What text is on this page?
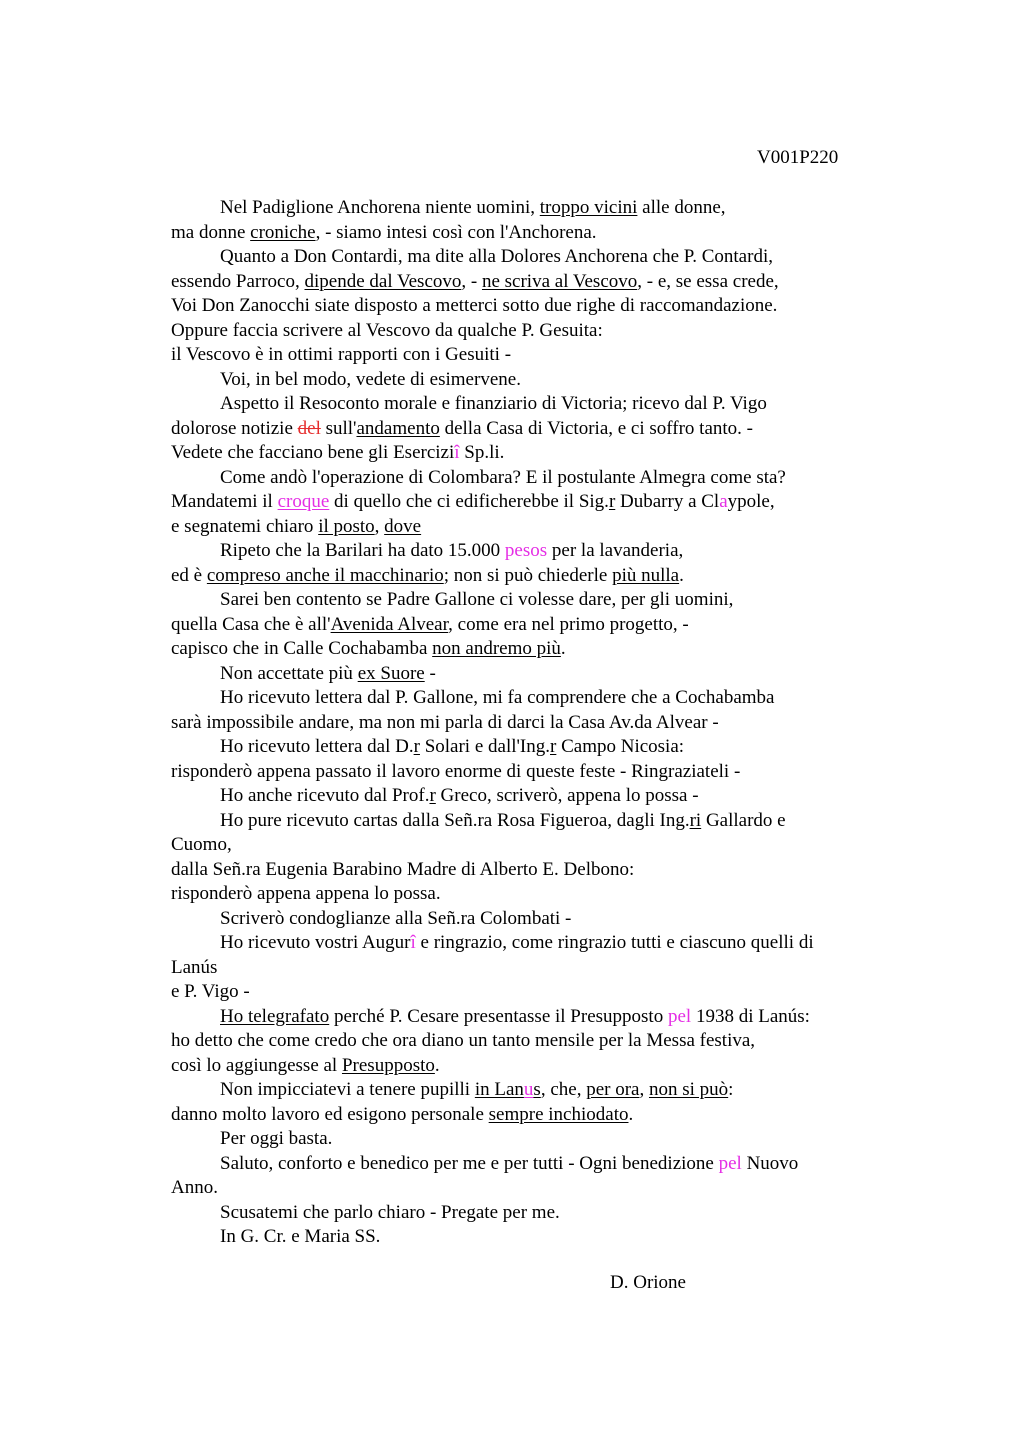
V001P220
Nel Padiglione Anchorena niente uomini, troppo vicini alle donne,
ma donne croniche, - siamo intesi così con l'Anchorena.
Quanto a Don Contardi, ma dite alla Dolores Anchorena che P. Contardi,
essendo Parroco, dipende dal Vescovo, - ne scriva al Vescovo, - e, se essa crede,
Voi Don Zanocchi siate disposto a metterci sotto due righe di raccomandazione.
Oppure faccia scrivere al Vescovo da qualche P. Gesuita:
il Vescovo è in ottimi rapporti con i Gesuiti -
Voi, in bel modo, vedete di esimervene.
Aspetto il Resoconto morale e finanziario di Victoria; ricevo dal P. Vigo
dolorose notizie del sull'andamento della Casa di Victoria, e ci soffro tanto. -
Vedete che facciano bene gli Eserciziî Sp.li.
Come andò l'operazione di Colombara? E il postulante Almegra come sta?
Mandatemi il croque di quello che ci edificherebbe il Sig.r Dubarry a Claypole,
e segnatemi chiaro il posto, dove
Ripeto che la Barilari ha dato 15.000 pesos per la lavanderia,
ed è compreso anche il macchinario; non si può chiederle più nulla.
Sarei ben contento se Padre Gallone ci volesse dare, per gli uomini,
quella Casa che è all'Avenida Alvear, come era nel primo progetto, -
capisco che in Calle Cochabamba non andremo più.
Non accettate più ex Suore -
Ho ricevuto lettera dal P. Gallone, mi fa comprendere che a Cochabamba
sarà impossibile andare, ma non mi parla di darci la Casa Av.da Alvear -
Ho ricevuto lettera dal D.r Solari e dall'Ing.r Campo Nicosia:
risponderò appena passato il lavoro enorme di queste feste - Ringraziateli -
Ho anche ricevuto dal Prof.r Greco, scriverò, appena lo possa -
Ho pure ricevuto cartas dalla Señ.ra Rosa Figueroa, dagli Ing.ri Gallardo e
Cuomo,
dalla Señ.ra Eugenia Barabino Madre di Alberto E. Delbono:
risponderò appena appena lo possa.
Scriverò condoglianze alla Señ.ra Colombati -
Ho ricevuto vostri Augurî e ringrazio, come ringrazio tutti e ciascuno quelli di
Lanús
e P. Vigo -
Ho telegrafato perché P. Cesare presentasse il Presupposto pel 1938 di Lanús:
ho detto che come credo che ora diano un tanto mensile per la Messa festiva,
così lo aggiungesse al Presupposto.
Non impicciatevi a tenere pupilli in Lanus, che, per ora, non si può:
danno molto lavoro ed esigono personale sempre inchiodato.
Per oggi basta.
Saluto, conforto e benedico per me e per tutti - Ogni benedizione pel Nuovo
Anno.
Scusatemi che parlo chiaro - Pregate per me.
In G. Cr. e Maria SS.
D. Orione
